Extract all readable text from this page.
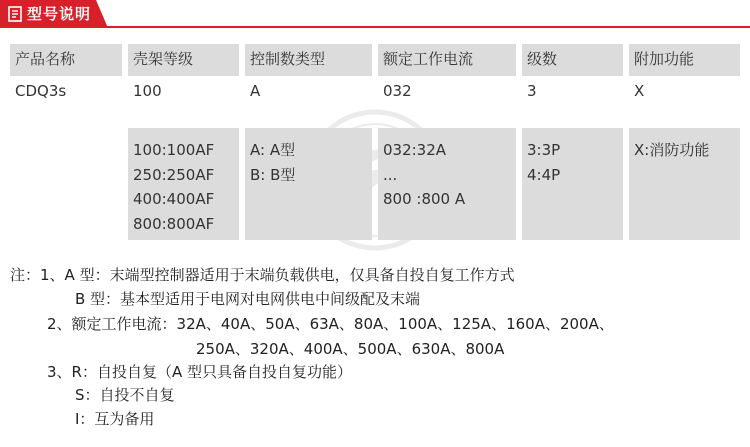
型号说明
产品名称	壳架等级	控制数类型	额定工作电流	级数	附加功能
CDQ3s	100	A	032	3	X
100:100AF
250:250AF
400:400AF
800:800AF
A: A型
B: B型
032:32A
...
800 :800 A
3:3P
4:4P
X:消防功能
注：1、A 型：末端型控制器适用于末端负载供电，仅具备自投自复工作方式
B 型：基本型适用于电网对电网供电中间级配及末端
2、额定工作电流：32A、40A、50A、63A、80A、100A、125A、160A、200A、
250A、320A、400A、500A、630A、800A
3、R：自投自复（A 型只具备自投自复功能）
S：自投不自复
I：互为备用
